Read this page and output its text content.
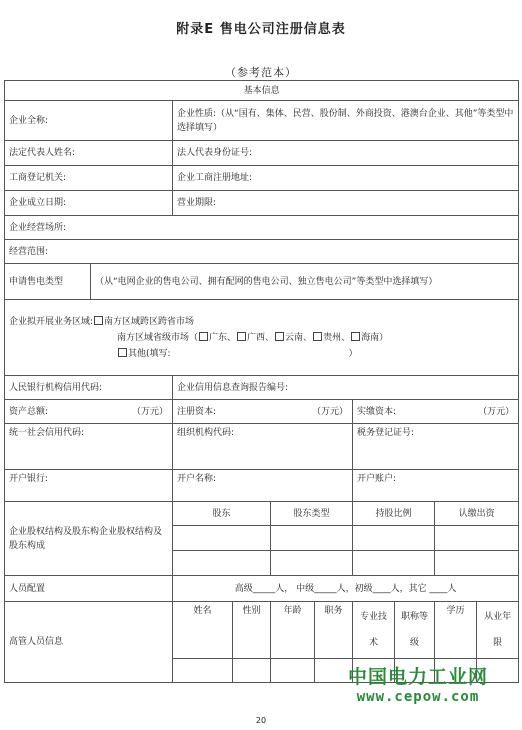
附录E 售电公司注册信息表
（参考范本）
基本信息									
企业全称:		企业性质:（从“国有、集体、民营、股份制、外商投资、港澳台企业、其他”等类型中选择填写）							
法定代表人姓名:		法人代表身份证号:							
工商登记机关:		企业工商注册地址:							
企业成立日期:		营业期限:							
企业经营场所:									
经营范围:									
申请售电类型	（从“电网企业的售电公司、拥有配网的售电公司、独立售电公司”等类型中选择填写）								

企业拟开展业务区域: 南方区域跨区跨省市场
南方区域省级市场（ 广东、 广西、 云南、 贵州、 海南）
其他(填写: ）									

人民银行机构信用代码:		企业信用信息查询报告编号:							
资产总额: （万元）		注册资本: （万元）				实缴资本: （万元）			

统一社会信用代码:		组织机构代码:				税务登记证号:			
开户银行:		开户名称:				开户账户:			
企业股权结构及股东构企业股权结构及股东构成		股东		股东类型		持股比例		认缴出资	

人员配置		高级_____人， 中级_____人，初级____人，其它 ____人							
高管人员信息		姓名	性别	年龄	职务	专业技术	职称等级	学历	从业年限

中国电力工业网
www.cepow.com
20
